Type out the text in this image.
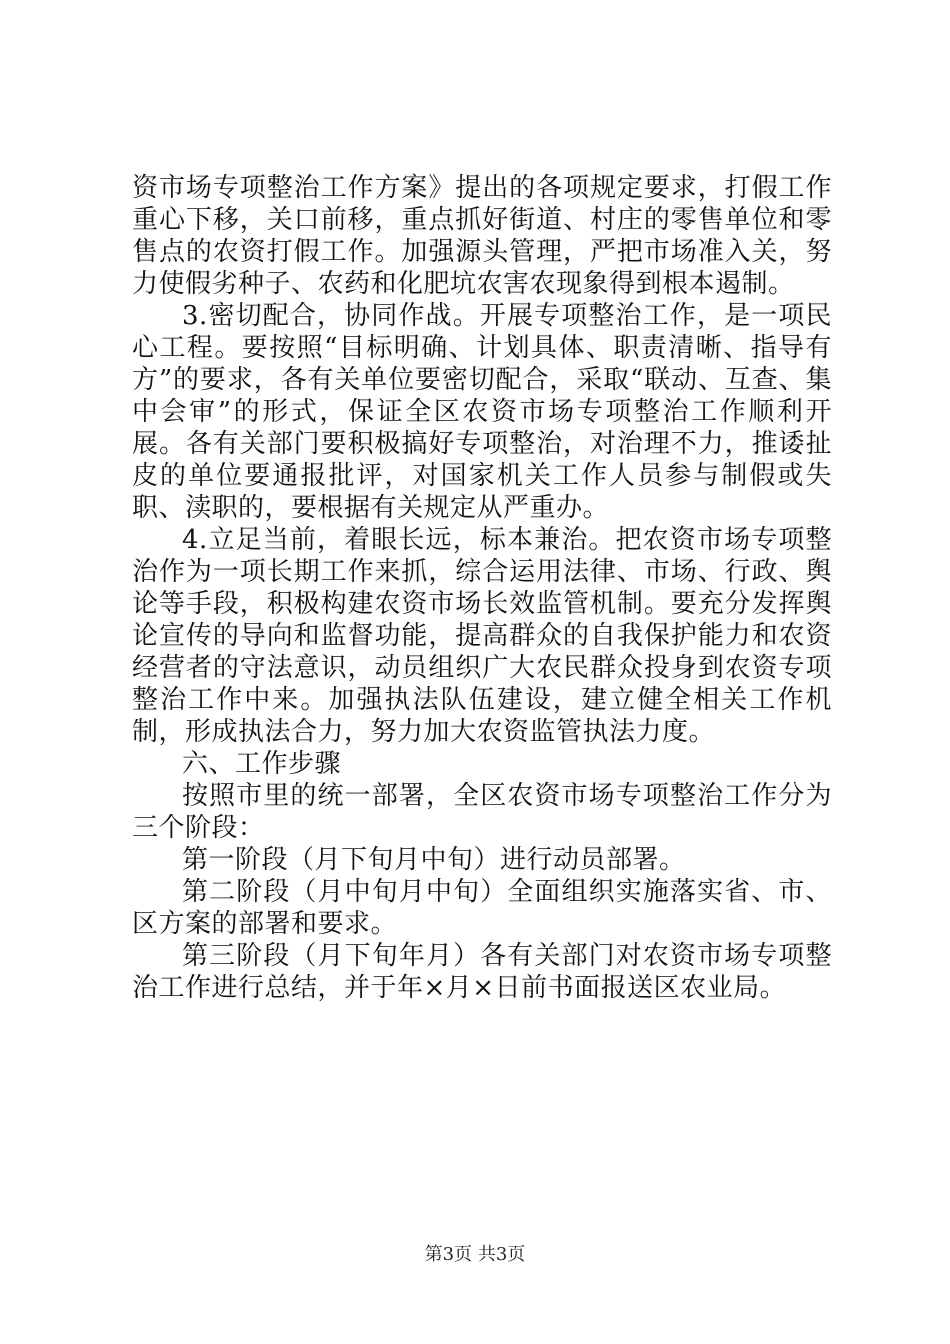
资市场专项整治工作方案》提出的各项规定要求，打假工作重心下移，关口前移，重点抓好街道、村庄的零售单位和零售点的农资打假工作。加强源头管理，严把市场准入关，努力使假劣种子、农药和化肥坑农害农现象得到根本遏制。

3.密切配合，协同作战。开展专项整治工作，是一项民心工程。要按照“目标明确、计划具体、职责清晰、指导有方”的要求，各有关单位要密切配合，采取“联动、互查、集中会审”的形式，保证全区农资市场专项整治工作顺利开展。各有关部门要积极搞好专项整治，对治理不力，推诿扯皮的单位要通报批评，对国家机关工作人员参与制假或失职、渎职的，要根据有关规定从严重办。

4.立足当前，着眼长远，标本兼治。把农资市场专项整治作为一项长期工作来抓，综合运用法律、市场、行政、舆论等手段，积极构建农资市场长效监管机制。要充分发挥舆论宣传的导向和监督功能，提高群众的自我保护能力和农资经营者的守法意识，动员组织广大农民群众投身到农资专项整治工作中来。加强执法队伍建设，建立健全相关工作机制，形成执法合力，努力加大农资监管执法力度。

六、工作步骤

按照市里的统一部署，全区农资市场专项整治工作分为三个阶段：

第一阶段（月下旬月中旬）进行动员部署。

第二阶段（月中旬月中旬）全面组织实施落实省、市、区方案的部署和要求。

第三阶段（月下旬年月）各有关部门对农资市场专项整治工作进行总结，并于年×月×日前书面报送区农业局。

第3页 共3页
